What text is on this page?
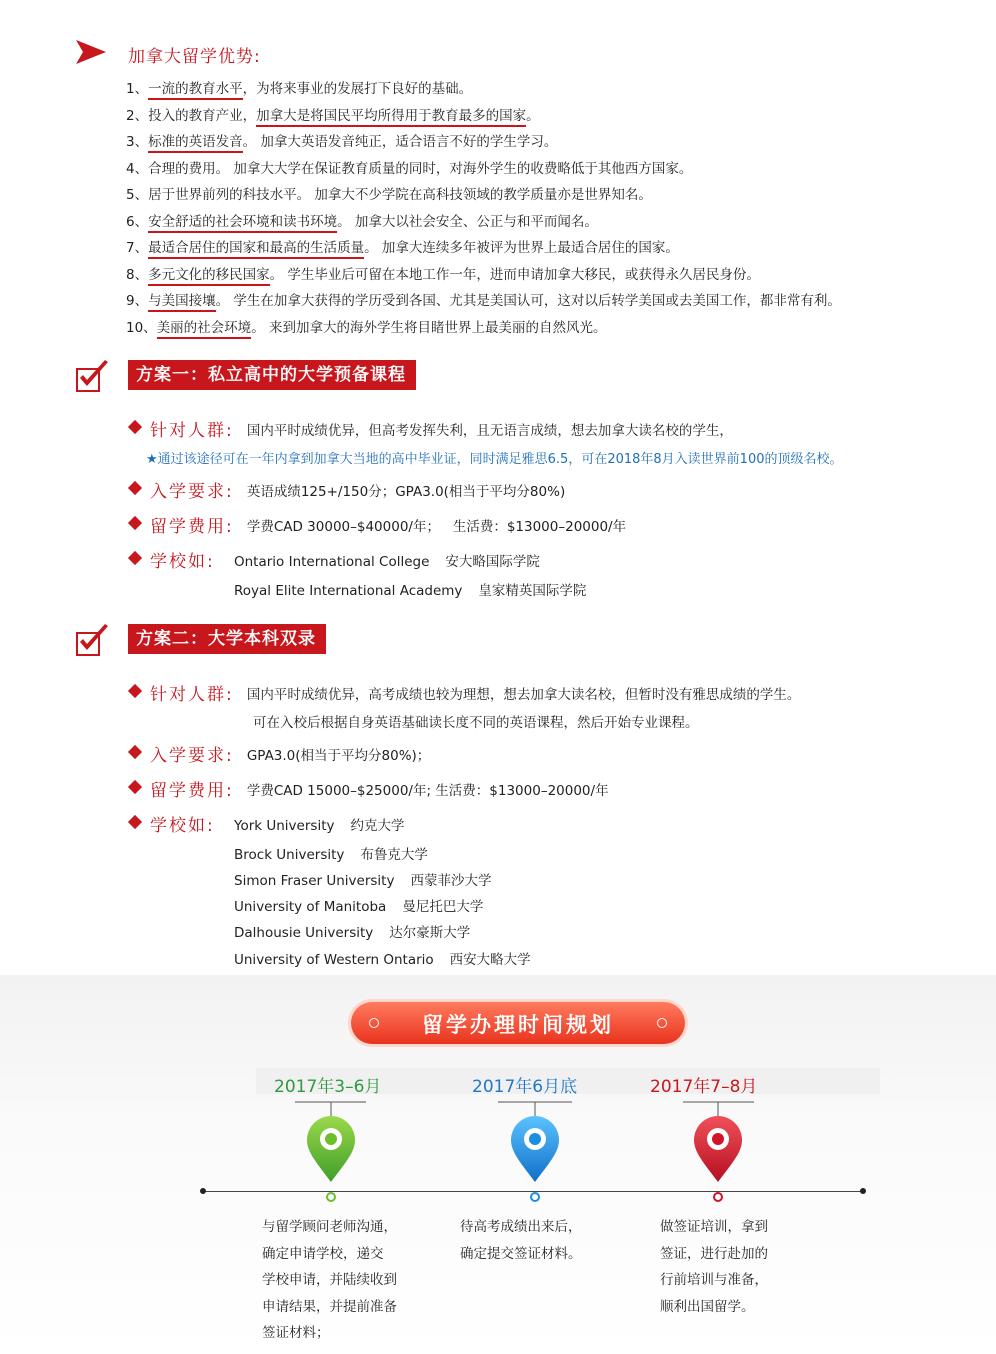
加拿大留学优势:
1、一流的教育水平，为将来事业的发展打下良好的基础。
2、投入的教育产业，加拿大是将国民平均所得用于教育最多的国家。
3、标准的英语发音。 加拿大英语发音纯正，适合语言不好的学生学习。
4、合理的费用。 加拿大大学在保证教育质量的同时，对海外学生的收费略低于其他西方国家。
5、居于世界前列的科技水平。 加拿大不少学院在高科技领域的教学质量亦是世界知名。
6、安全舒适的社会环境和读书环境。 加拿大以社会安全、公正与和平而闻名。
7、最适合居住的国家和最高的生活质量。 加拿大连续多年被评为世界上最适合居住的国家。
8、多元文化的移民国家。 学生毕业后可留在本地工作一年，进而申请加拿大移民，或获得永久居民身份。
9、与美国接壤。 学生在加拿大获得的学历受到各国、尤其是美国认可，这对以后转学美国或去美国工作，都非常有利。
10、美丽的社会环境。 来到加拿大的海外学生将目睹世界上最美丽的自然风光。
方案一：私立高中的大学预备课程
针对人群: 国内平时成绩优异，但高考发挥失利，且无语言成绩，想去加拿大读名校的学生，
★通过该途径可在一年内拿到加拿大当地的高中毕业证，同时满足雅思6.5，可在2018年8月入读世界前100的顶级名校。
入学要求: 英语成绩125+/150分；GPA3.0(相当于平均分80%)
留学费用: 学费CAD 30000–$40000/年；   生活费：$13000–20000/年
学校如: Ontario International College 安大略国际学院
Royal Elite International Academy 皇家精英国际学院
方案二：大学本科双录
针对人群: 国内平时成绩优异，高考成绩也较为理想，想去加拿大读名校，但暂时没有雅思成绩的学生。
可在入校后根据自身英语基础读长度不同的英语课程，然后开始专业课程。
入学要求: GPA3.0(相当于平均分80%)；
留学费用: 学费CAD 15000–$25000/年; 生活费：$13000–20000/年
学校如: York University 约克大学
Brock University 布鲁克大学
Simon Fraser University 西蒙菲沙大学
University of Manitoba 曼尼托巴大学
Dalhousie University 达尔豪斯大学
University of Western Ontario 西安大略大学
留学办理时间规划
2017年3–6月	2017年6月底	2017年7–8月
与留学顾问老师沟通，
确定申请学校，递交
学校申请，并陆续收到
申请结果，并提前准备
签证材料；
待高考成绩出来后，
确定提交签证材料。
做签证培训，拿到
签证，进行赴加的
行前培训与准备，
顺利出国留学。
